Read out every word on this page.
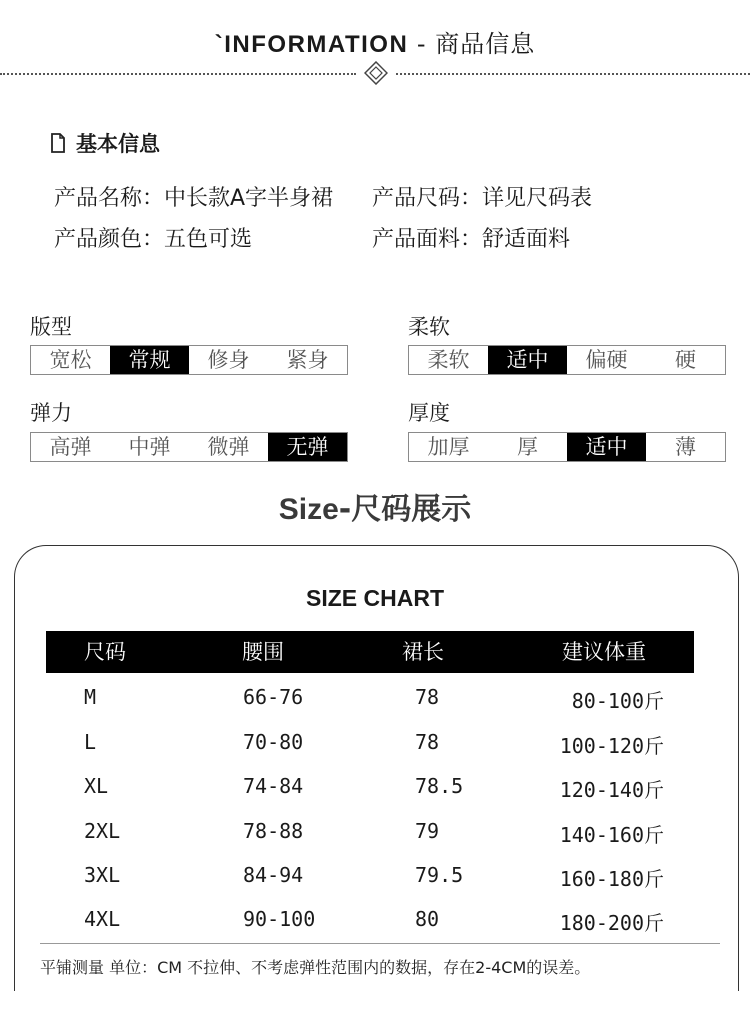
`INFORMATION - 商品信息
基本信息
产品名称：中长款A字半身裙 产品尺码：详见尺码表
产品颜色：五色可选	产品面料：舒适面料
版型
宽松	常规	修身	紧身
柔软
柔软	适中	偏硬	硬
弹力
高弹	中弹	微弹	无弹
厚度
加厚	厚	适中	薄
Size-尺码展示
SIZE CHART
尺码	腰围	裙长	建议体重
M	66-76	78	80-100斤
L	70-80	78	100-120斤
XL	74-84	78.5	120-140斤
2XL	78-88	79	140-160斤
3XL	84-94	79.5	160-180斤
4XL	90-100	80	180-200斤
平铺测量 单位：CM 不拉伸、不考虑弹性范围内的数据，存在2-4CM的误差。
